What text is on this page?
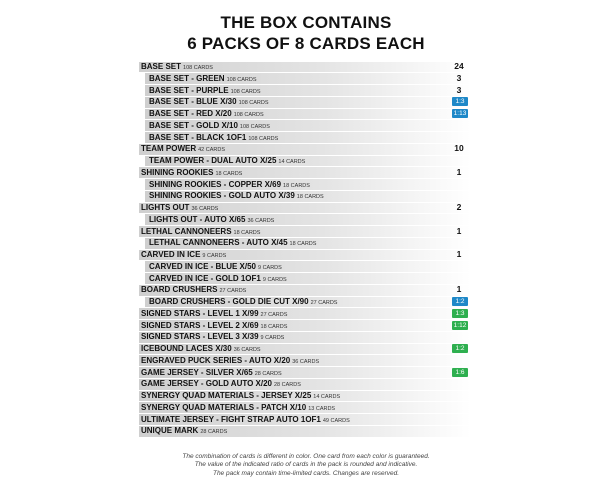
THE BOX CONTAINS
6 PACKS OF 8 CARDS EACH
BASE SET 108 CARDS	24
BASE SET - GREEN 108 CARDS	3
BASE SET - PURPLE 108 CARDS	3
BASE SET - BLUE X/30 108 CARDS	1:3
BASE SET - RED X/20 108 CARDS	1:13
BASE SET - GOLD X/10 108 CARDS
BASE SET - BLACK 1OF1 108 CARDS
TEAM POWER 42 CARDS	10
TEAM POWER - DUAL AUTO X/25 14 CARDS
SHINING ROOKIES 18 CARDS	1
SHINING ROOKIES - COPPER X/69 18 CARDS
SHINING ROOKIES - GOLD AUTO X/39 18 CARDS
LIGHTS OUT 36 CARDS	2
LIGHTS OUT - AUTO X/65 36 CARDS
LETHAL CANNONEERS 18 CARDS	1
LETHAL CANNONEERS - AUTO X/45 18 CARDS
CARVED IN ICE 9 CARDS	1
CARVED IN ICE - BLUE X/50 9 CARDS
CARVED IN ICE - GOLD 1OF1 9 CARDS
BOARD CRUSHERS 27 CARDS	1
BOARD CRUSHERS - GOLD DIE CUT X/90 27 CARDS	1:2
SIGNED STARS - LEVEL 1 X/99 27 CARDS	1:3
SIGNED STARS - LEVEL 2 X/69 18 CARDS	1:12
SIGNED STARS - LEVEL 3 X/39 9 CARDS
ICEBOUND LACES X/30 36 CARDS	1:2
ENGRAVED PUCK SERIES - AUTO X/20 36 CARDS
GAME JERSEY - SILVER X/65 28 CARDS	1:6
GAME JERSEY - GOLD AUTO X/20 28 CARDS
SYNERGY QUAD MATERIALS - JERSEY X/25 14 CARDS
SYNERGY QUAD MATERIALS - PATCH X/10 13 CARDS
ULTIMATE JERSEY - FIGHT STRAP AUTO 1OF1 49 CARDS
UNIQUE MARK 28 CARDS
The combination of cards is different in color. One card from each color is guaranteed.
The value of the indicated ratio of cards in the pack is rounded and indicative.
The pack may contain time-limited cards. Changes are reserved.
